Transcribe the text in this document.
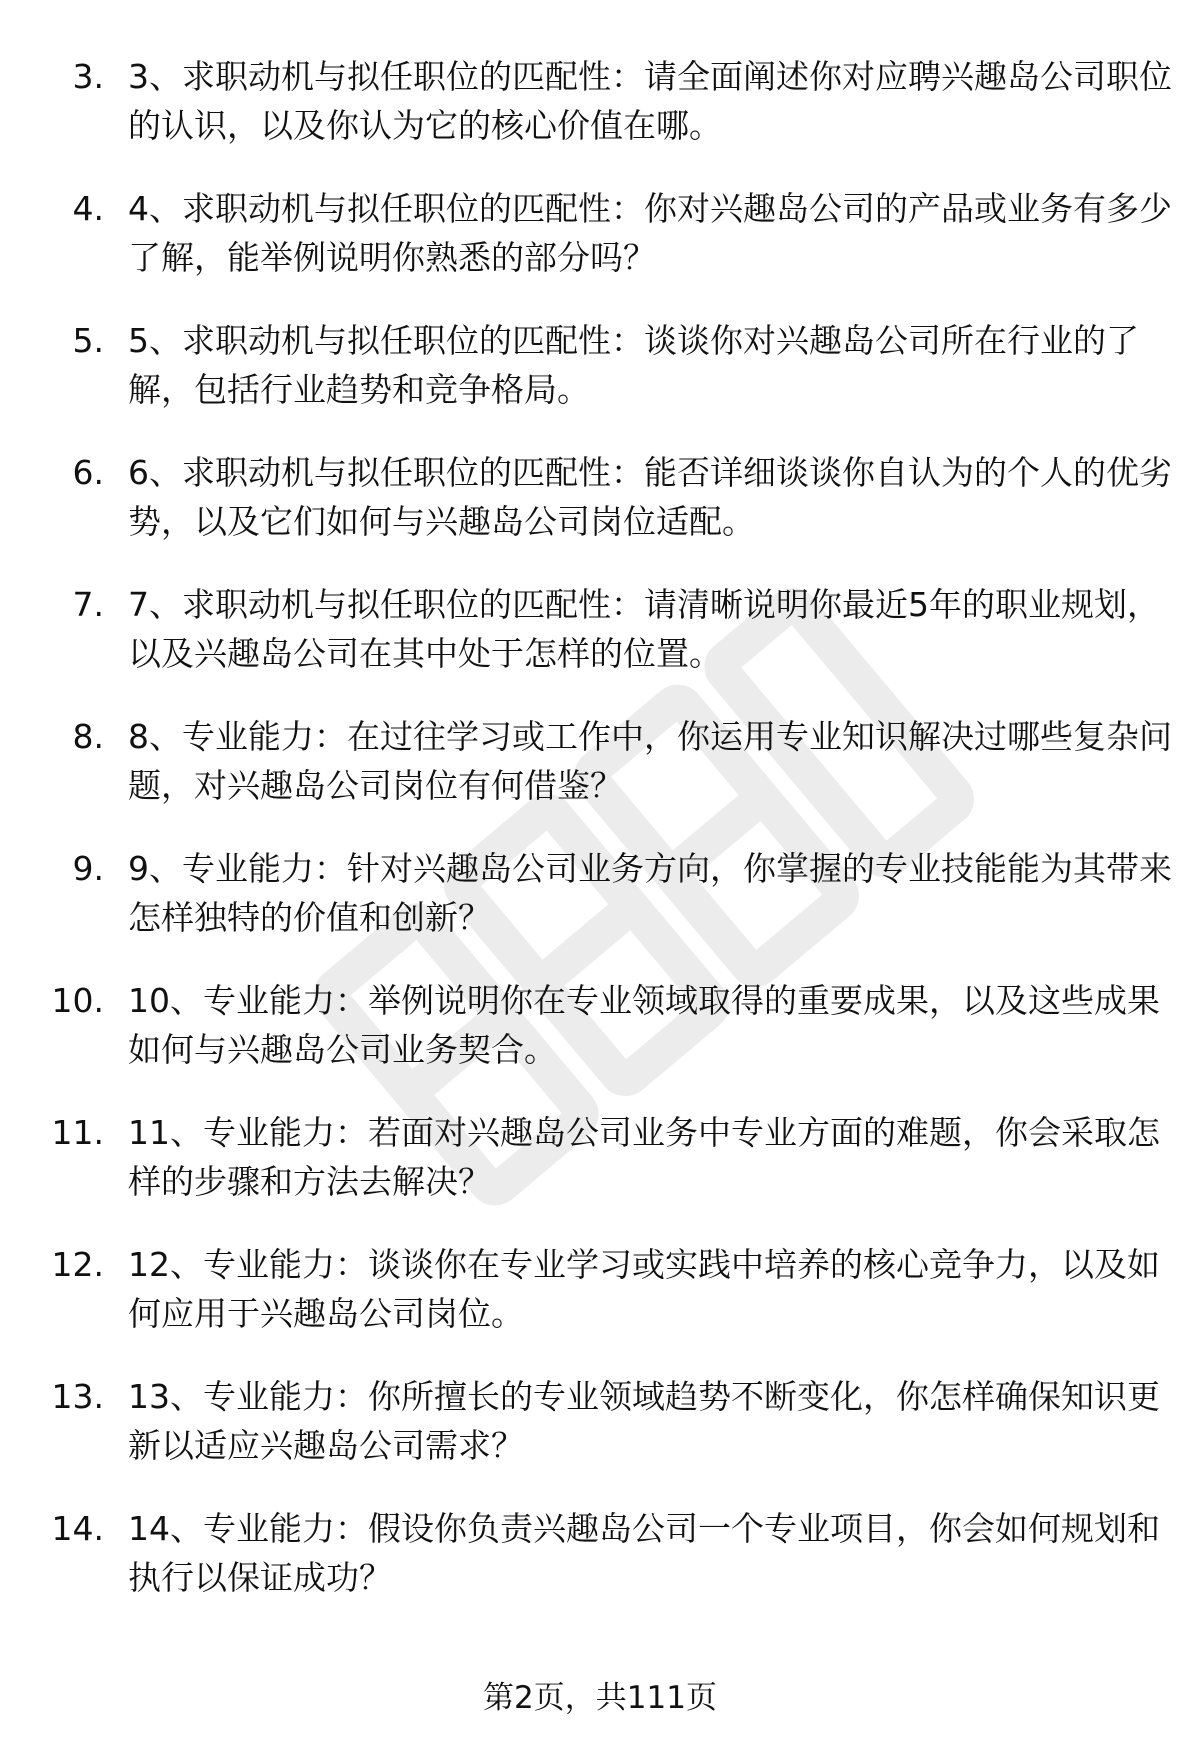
3. 3、求职动机与拟任职位的匹配性：请全面阐述你对应聘兴趣岛公司职位的认识，以及你认为它的核心价值在哪。
4. 4、求职动机与拟任职位的匹配性：你对兴趣岛公司的产品或业务有多少了解，能举例说明你熟悉的部分吗？
5. 5、求职动机与拟任职位的匹配性：谈谈你对兴趣岛公司所在行业的了解，包括行业趋势和竞争格局。
6. 6、求职动机与拟任职位的匹配性：能否详细谈谈你自认为的个人的优劣势，以及它们如何与兴趣岛公司岗位适配。
7. 7、求职动机与拟任职位的匹配性：请清晰说明你最近5年的职业规划，以及兴趣岛公司在其中处于怎样的位置。
8. 8、专业能力：在过往学习或工作中，你运用专业知识解决过哪些复杂问题，对兴趣岛公司岗位有何借鉴？
9. 9、专业能力：针对兴趣岛公司业务方向，你掌握的专业技能能为其带来怎样独特的价值和创新？
10. 10、专业能力：举例说明你在专业领域取得的重要成果，以及这些成果如何与兴趣岛公司业务契合。
11. 11、专业能力：若面对兴趣岛公司业务中专业方面的难题，你会采取怎样的步骤和方法去解决？
12. 12、专业能力：谈谈你在专业学习或实践中培养的核心竞争力，以及如何应用于兴趣岛公司岗位。
13. 13、专业能力：你所擅长的专业领域趋势不断变化，你怎样确保知识更新以适应兴趣岛公司需求？
14. 14、专业能力：假设你负责兴趣岛公司一个专业项目，你会如何规划和执行以保证成功？
第2页，共111页
